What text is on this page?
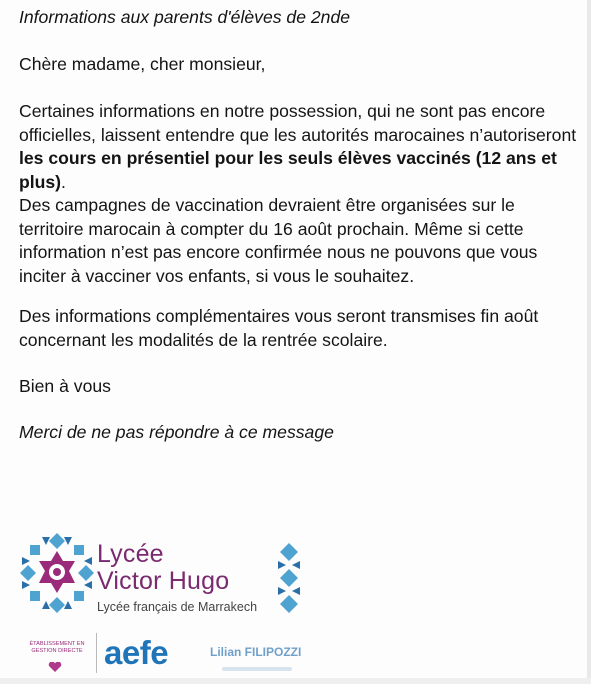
Informations aux parents d'élèves de 2nde

Chère madame, cher monsieur,

Certaines informations en notre possession, qui ne sont pas encore officielles, laissent entendre que les autorités marocaines n’autoriseront les cours en présentiel pour les seuls élèves vaccinés (12 ans et plus).

Des campagnes de vaccination devraient être organisées sur le territoire marocain à compter du 16 août prochain. Même si cette information n’est pas encore confirmée nous ne pouvons que vous inciter à vacciner vos enfants, si vous le souhaitez.

Des informations complémentaires vous seront transmises fin août concernant les modalités de la rentrée scolaire.

Bien à vous

Merci de ne pas répondre à ce message

Lycée

Victor Hugo

Lycée français de Marrakech

ÉTABLISSEMENT EN GESTION DIRECTE aefe	Lilian FILIPOZZI
